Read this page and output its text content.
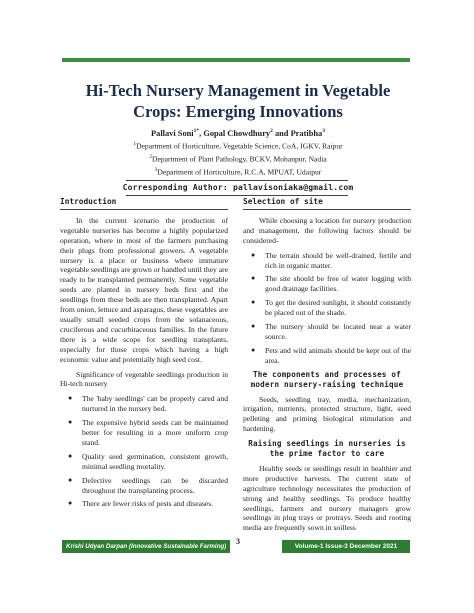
Hi-Tech Nursery Management in Vegetable Crops: Emerging Innovations
Pallavi Soni$^{1*}$, Gopal Chowdhury$^2$ and Pratibha$^3$
$^1$Department of Horticulture, Vegetable Science, CoA, IGKV, Raipur
$^2$Department of Plant Pathology, BCKV, Mohanpur, Nadia
$^3$Department of Horticulture, R.C.A, MPUAT, Udaipur
Corresponding Author: pallavisoniaka@gmail.com
Introduction

In the current scenario the production of vegetable nurseries has become a highly popularized operation, where in most of the farmers purchasing their plugs from professional growers. A vegetable nursery is a place or business where immature vegetable seedlings are grown or handled until they are ready to be transplanted permanently. Some vegetable seeds are planted in nursery beds first and the seedlings from these beds are then transplanted. Apart from onion, lettuce and asparagus, these vegetables are usually small seeded crops from the solanaceous, cruciferous and cucurbitaceous families. In the future there is a wide scope for seedling transplants, especially for those crops which having a high economic value and potentially high seed cost.

Significance of vegetable seedlings production in Hi-tech nursery

● The 'baby seedlings' can be properly cared and nurtured in the nursery bed.
● The expensive hybrid seeds can be maintained better for resulting in a more uniform crop stand.
● Quality seed germination, consistent growth, minimal seedling mortality.
● Defective seedlings can be discarded throughout the transplanting process.
● There are fewer risks of pests and diseases.
Selection of site

While choosing a location for nursery production and management, the following factors should be considered-

● The terrain should be well-drained, fertile and rich in organic matter.
● The site should be free of water logging with good drainage facilities.
● To get the desired sunlight, it should constantly be placed out of the shade.
● The nursery should be located near a water source.
● Pets and wild animals should be kept out of the area.
The components and processes of modern nursery-raising technique

Seeds, seedling tray, media, mechanization, irrigation, nutrients, protected structure, light, seed pelleting and priming biological stimulation and hardening.

Raising seedlings in nurseries is the prime factor to care

Healthy seeds or seedlings result in healthier and more productive harvests. The current state of agriculture technology necessitates the production of strong and healthy seedlings. To produce healthy seedlings, farmers and nursery managers grow seedlings in plug trays or protrays. Seeds and rooting media are frequently sown in soilless

Krishi Udyan Darpan (Innovative Sustainable Farming)
3
Volume-1 Issue-3 December 2021
